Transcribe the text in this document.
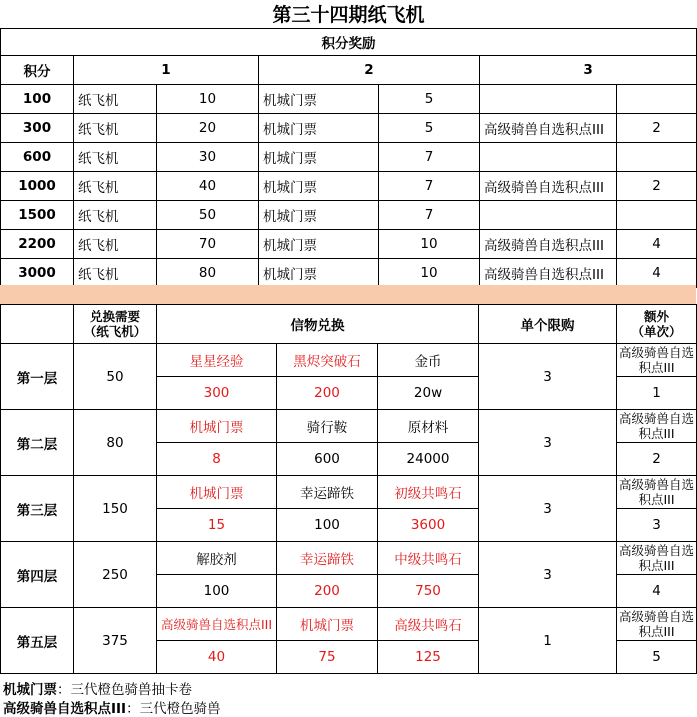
第三十四期纸飞机
积分奖励						
积分	1		2		3	
100	纸飞机	10	机城门票	5		
300	纸飞机	20	机城门票	5	高级骑兽自选积点III	2
600	纸飞机	30	机城门票	7		
1000	纸飞机	40	机城门票	7	高级骑兽自选积点III	2
1500	纸飞机	50	机城门票	7		
2200	纸飞机	70	机城门票	10	高级骑兽自选积点III	4
3000	纸飞机	80	机城门票	10	高级骑兽自选积点III	4
	兑换需要
（纸飞机）	信物兑换			单个限购	额外
（单次）
第一层	50	星星经验	黑烬突破石	金币	3	高级骑兽自选积点III
		300	200	20w		1
第二层	80	机城门票	骑行鞍	原材料	3	高级骑兽自选积点III
		8	600	24000		2
第三层	150	机城门票	幸运蹄铁	初级共鸣石	3	高级骑兽自选积点III
		15	100	3600		3
第四层	250	解胶剂	幸运蹄铁	中级共鸣石	3	高级骑兽自选积点III
		100	200	750		4
第五层	375	高级骑兽自选积点III	机城门票	高级共鸣石	1	高级骑兽自选积点III
		40	75	125		5
机城门票：三代橙色骑兽抽卡卷
高级骑兽自选积点III：三代橙色骑兽
